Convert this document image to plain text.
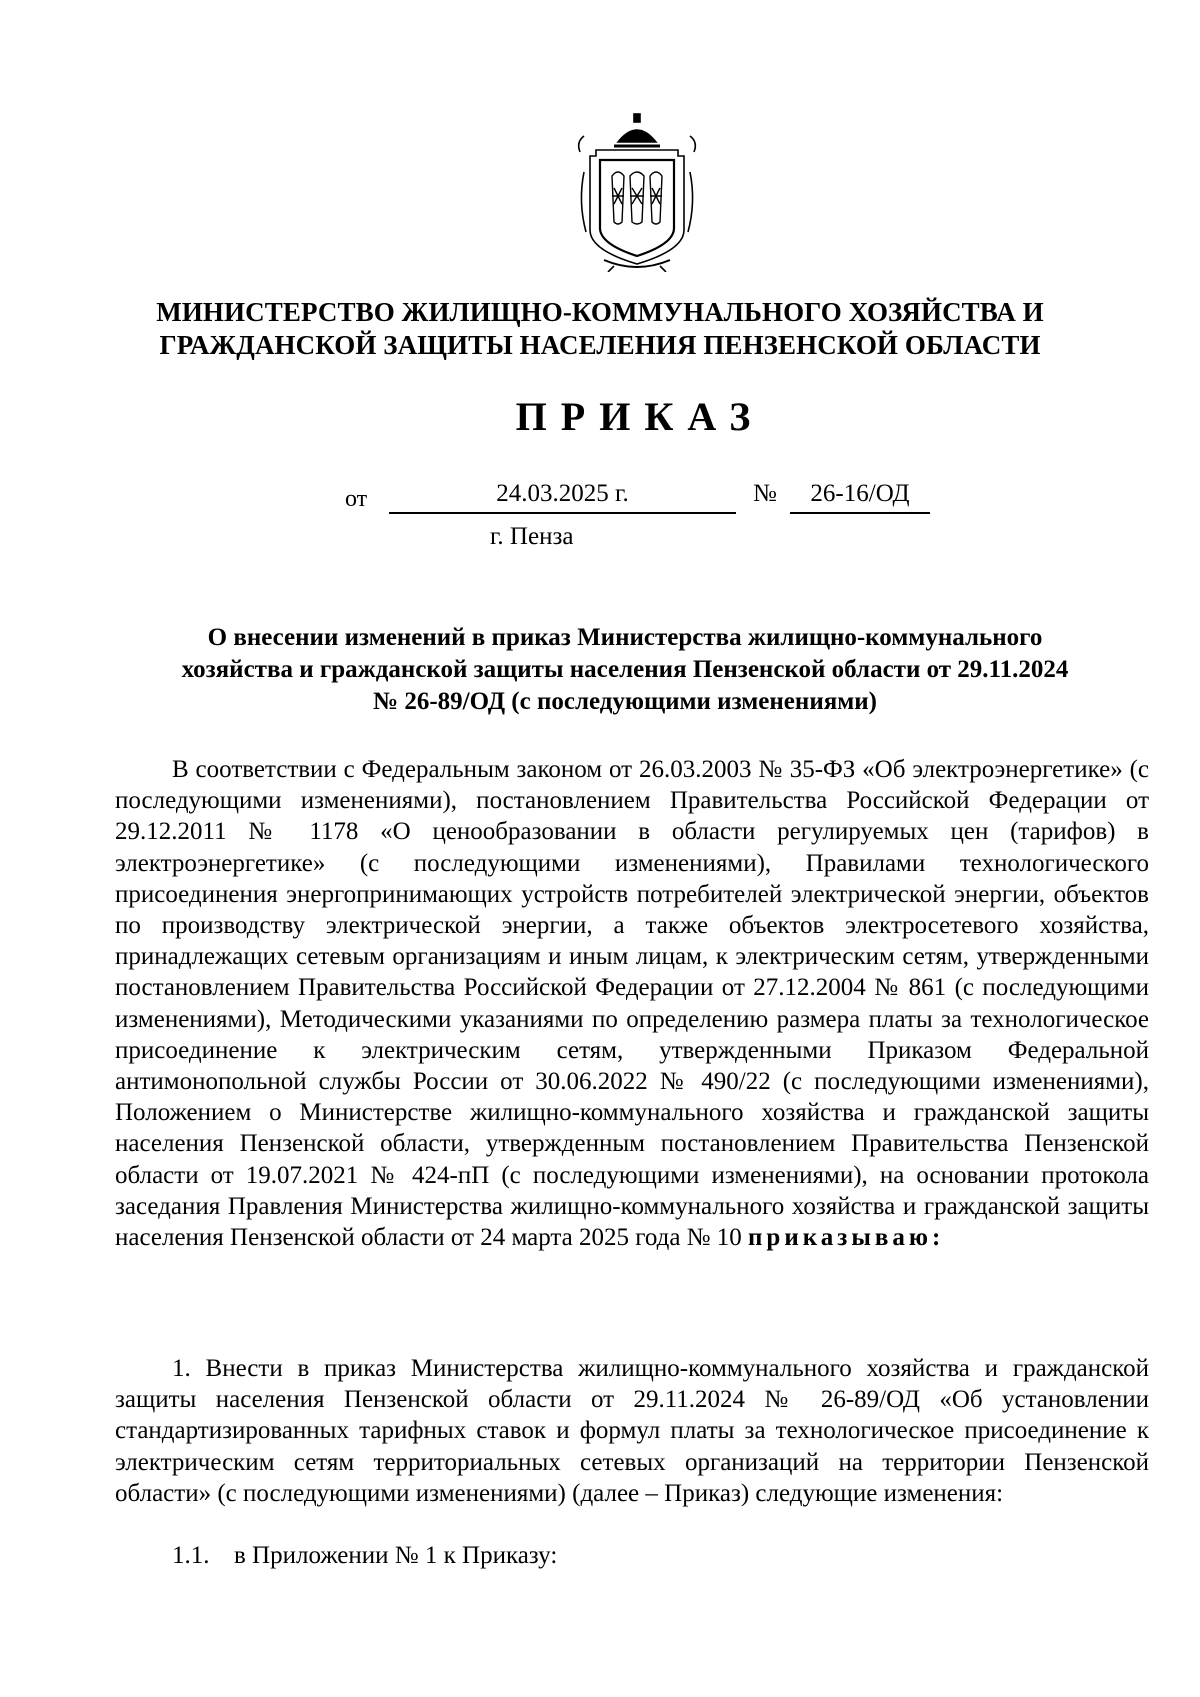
МИНИСТЕРСТВО ЖИЛИЩНО-КОММУНАЛЬНОГО ХОЗЯЙСТВА И
ГРАЖДАНСКОЙ ЗАЩИТЫ НАСЕЛЕНИЯ ПЕНЗЕНСКОЙ ОБЛАСТИ
ПРИКАЗ
от	24.03.2025 г.	№	26-16/ОД
г. Пенза
О внесении изменений в приказ Министерства жилищно-коммунального
хозяйства и гражданской защиты населения Пензенской области от 29.11.2024
№ 26-89/ОД (с последующими изменениями)
В соответствии с Федеральным законом от 26.03.2003 № 35-ФЗ «Об электроэнергетике» (с последующими изменениями), постановлением Правительства Российской Федерации от 29.12.2011 № 1178 «О ценообразовании в области регулируемых цен (тарифов) в электроэнергетике» (с последующими изменениями), Правилами технологического присоединения энергопринимающих устройств потребителей электрической энергии, объектов по производству электрической энергии, а также объектов электросетевого хозяйства, принадлежащих сетевым организациям и иным лицам, к электрическим сетям, утвержденными постановлением Правительства Российской Федерации от 27.12.2004 № 861 (с последующими изменениями), Методическими указаниями по определению размера платы за технологическое присоединение к электрическим сетям, утвержденными Приказом Федеральной антимонопольной службы России от 30.06.2022 № 490/22 (с последующими изменениями), Положением о Министерстве жилищно-коммунального хозяйства и гражданской защиты населения Пензенской области, утвержденным постановлением Правительства Пензенской области от 19.07.2021 № 424-пП (с последующими изменениями), на основании протокола заседания Правления Министерства жилищно-коммунального хозяйства и гражданской защиты населения Пензенской области от 24 марта 2025 года № 10 приказываю:
1. Внести в приказ Министерства жилищно-коммунального хозяйства и гражданской защиты населения Пензенской области от 29.11.2024 № 26-89/ОД «Об установлении стандартизированных тарифных ставок и формул платы за технологическое присоединение к электрическим сетям территориальных сетевых организаций на территории Пензенской области» (с последующими изменениями) (далее – Приказ) следующие изменения:
1.1. в Приложении № 1 к Приказу:
